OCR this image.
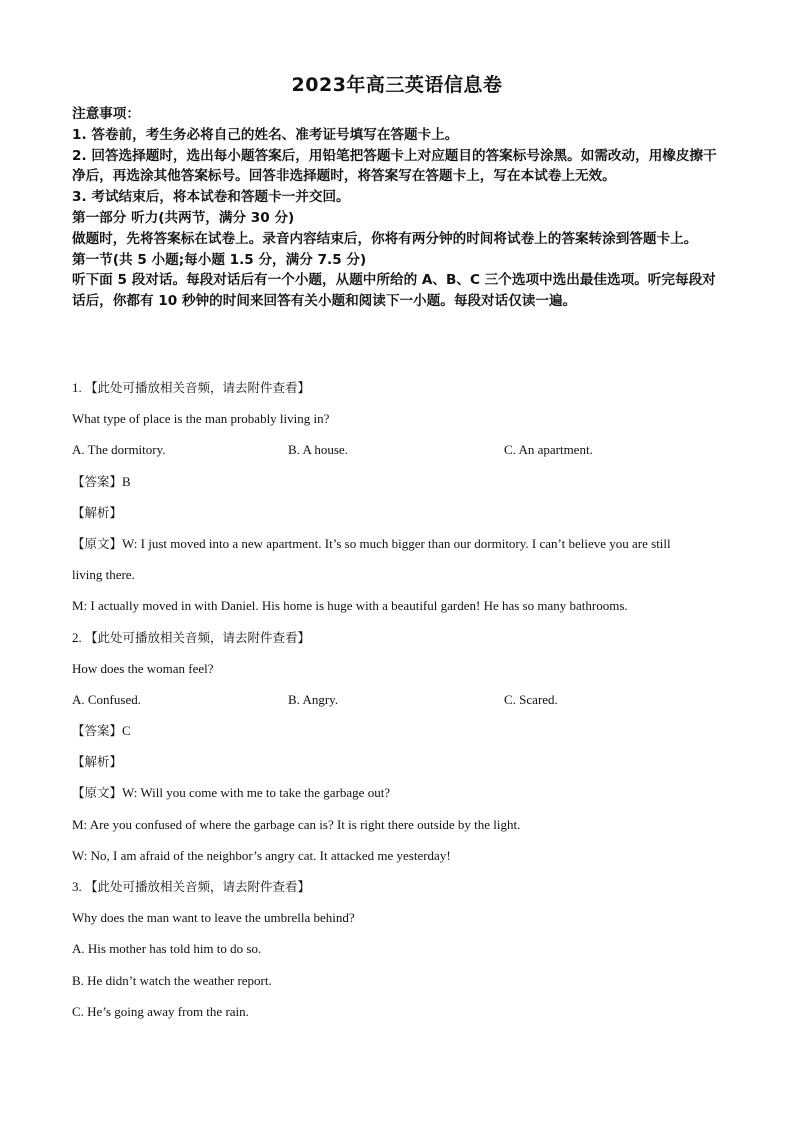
2023年高三英语信息卷

注意事项：

1. 答卷前，考生务必将自己的姓名、准考证号填写在答题卡上。

2. 回答选择题时，选出每小题答案后，用铅笔把答题卡上对应题目的答案标号涂黑。如需改动，用橡皮擦干净后，再选涂其他答案标号。回答非选择题时，将答案写在答题卡上，写在本试卷上无效。

3. 考试结束后，将本试卷和答题卡一并交回。

第一部分 听力(共两节，满分 30 分)

做题时，先将答案标在试卷上。录音内容结束后，你将有两分钟的时间将试卷上的答案转涂到答题卡上。

第一节(共 5 小题;每小题 1.5 分，满分 7.5 分)

听下面 5 段对话。每段对话后有一个小题，从题中所给的 A、B、C 三个选项中选出最佳选项。听完每段对话后，你都有 10 秒钟的时间来回答有关小题和阅读下一小题。每段对话仅读一遍。

1. 【此处可播放相关音频，请去附件查看】
What type of place is the man probably living in?
A. The dormitory.	B. A house.	C. An apartment.
【答案】B
【解析】
【原文】W: I just moved into a new apartment. It’s so much bigger than our dormitory. I can’t believe you are still
living there.
M: I actually moved in with Daniel. His home is huge with a beautiful garden! He has so many bathrooms.
2. 【此处可播放相关音频，请去附件查看】
How does the woman feel?
A. Confused.	B. Angry.	C. Scared.
【答案】C
【解析】
【原文】W: Will you come with me to take the garbage out?
M: Are you confused of where the garbage can is? It is right there outside by the light.
W: No, I am afraid of the neighbor’s angry cat. It attacked me yesterday!
3. 【此处可播放相关音频，请去附件查看】
Why does the man want to leave the umbrella behind?
A. His mother has told him to do so.
B. He didn’t watch the weather report.
C. He’s going away from the rain.
